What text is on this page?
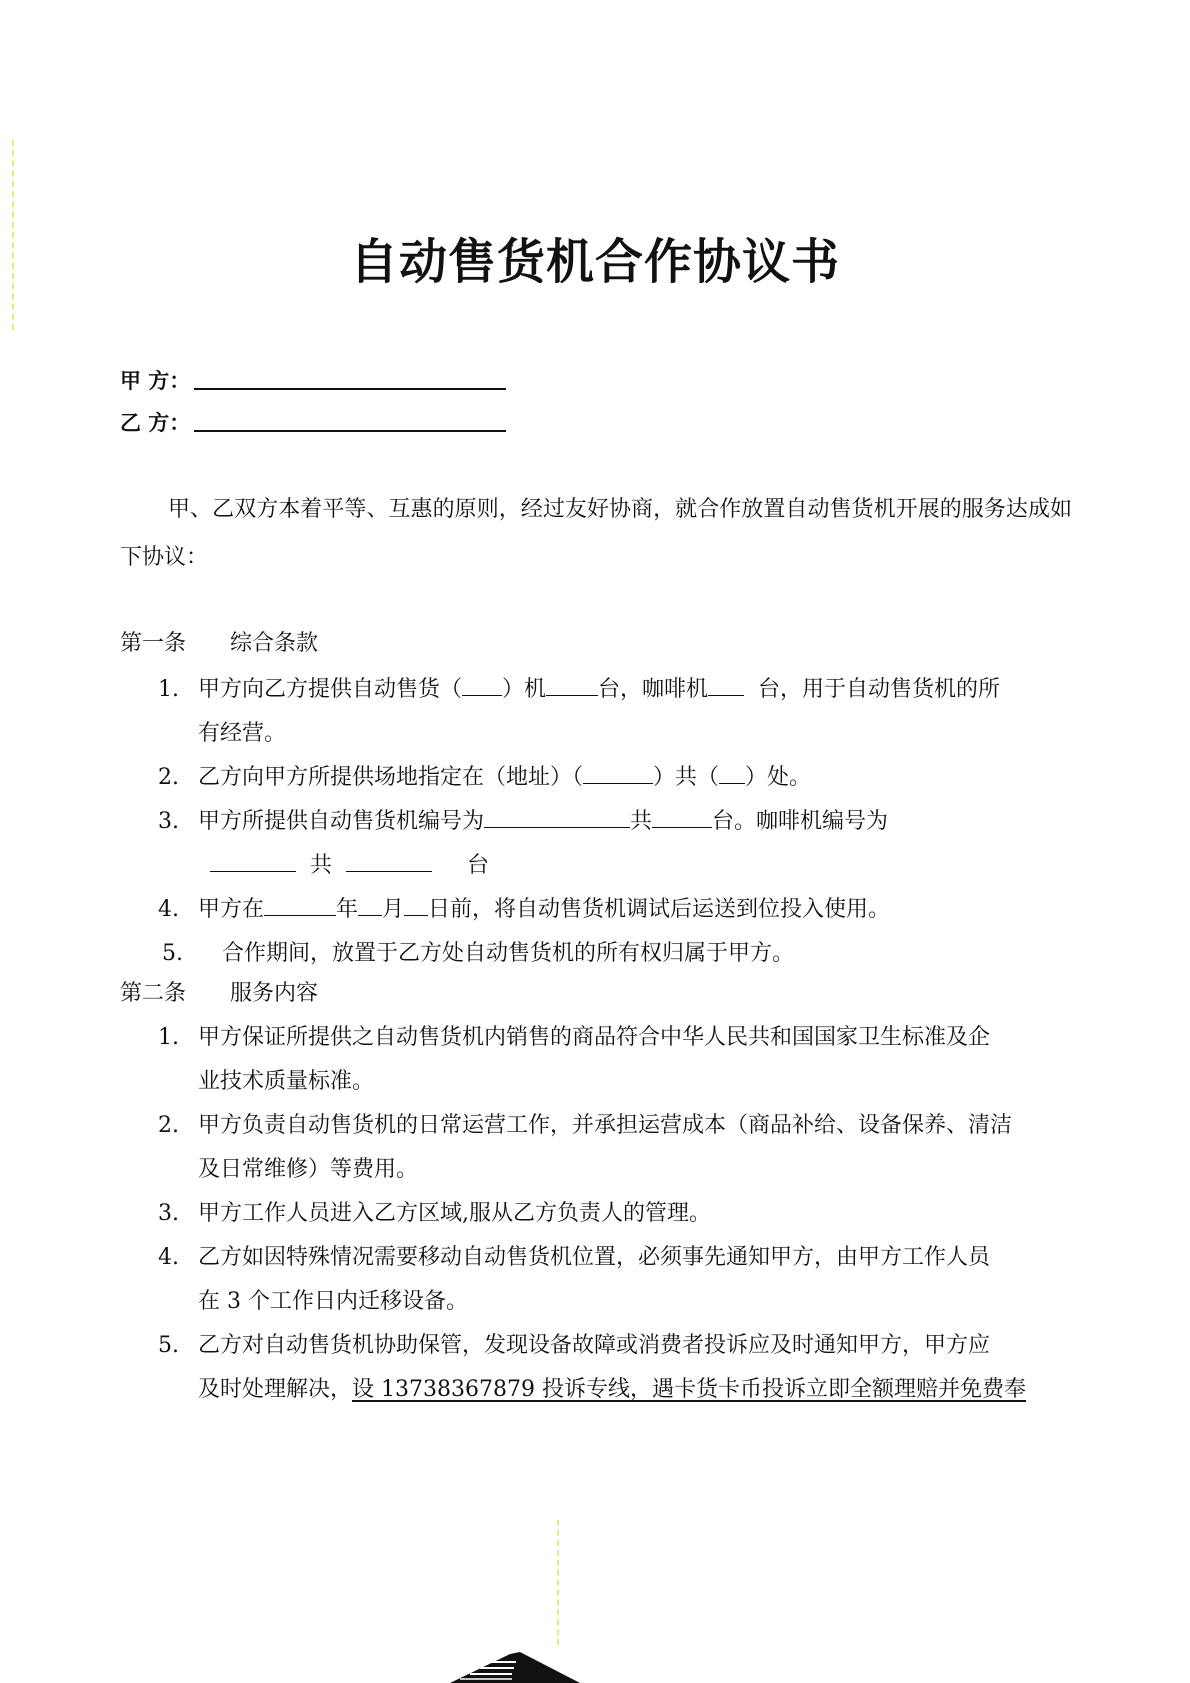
自动售货机合作协议书
甲 方：
乙 方：
甲、乙双方本着平等、互惠的原则，经过友好协商，就合作放置自动售货机开展的服务达成如下协议：
第一条 综合条款
1. 甲方向乙方提供自动售货（ ）机 台，咖啡机 台，用于自动售货机的所
有经营。
2. 乙方向甲方所提供场地指定在（地址）（	）共（ ）处。
3. 甲方所提供自动售货机编号为	共	台。咖啡机编号为
共	台
4. 甲方在	年 月 日前，将自动售货机调试后运送到位投入使用。
5. 合作期间，放置于乙方处自动售货机的所有权归属于甲方。
第二条 服务内容
1. 甲方保证所提供之自动售货机内销售的商品符合中华人民共和国国家卫生标准及企
业技术质量标准。
2. 甲方负责自动售货机的日常运营工作，并承担运营成本（商品补给、设备保养、清洁
及日常维修）等费用。
3. 甲方工作人员进入乙方区域,服从乙方负责人的管理。
4. 乙方如因特殊情况需要移动自动售货机位置，必须事先通知甲方，由甲方工作人员
在 3 个工作日内迁移设备。
5. 乙方对自动售货机协助保管，发现设备故障或消费者投诉应及时通知甲方，甲方应
及时处理解决，设 13738367879 投诉专线，遇卡货卡币投诉立即全额理赔并免费奉
